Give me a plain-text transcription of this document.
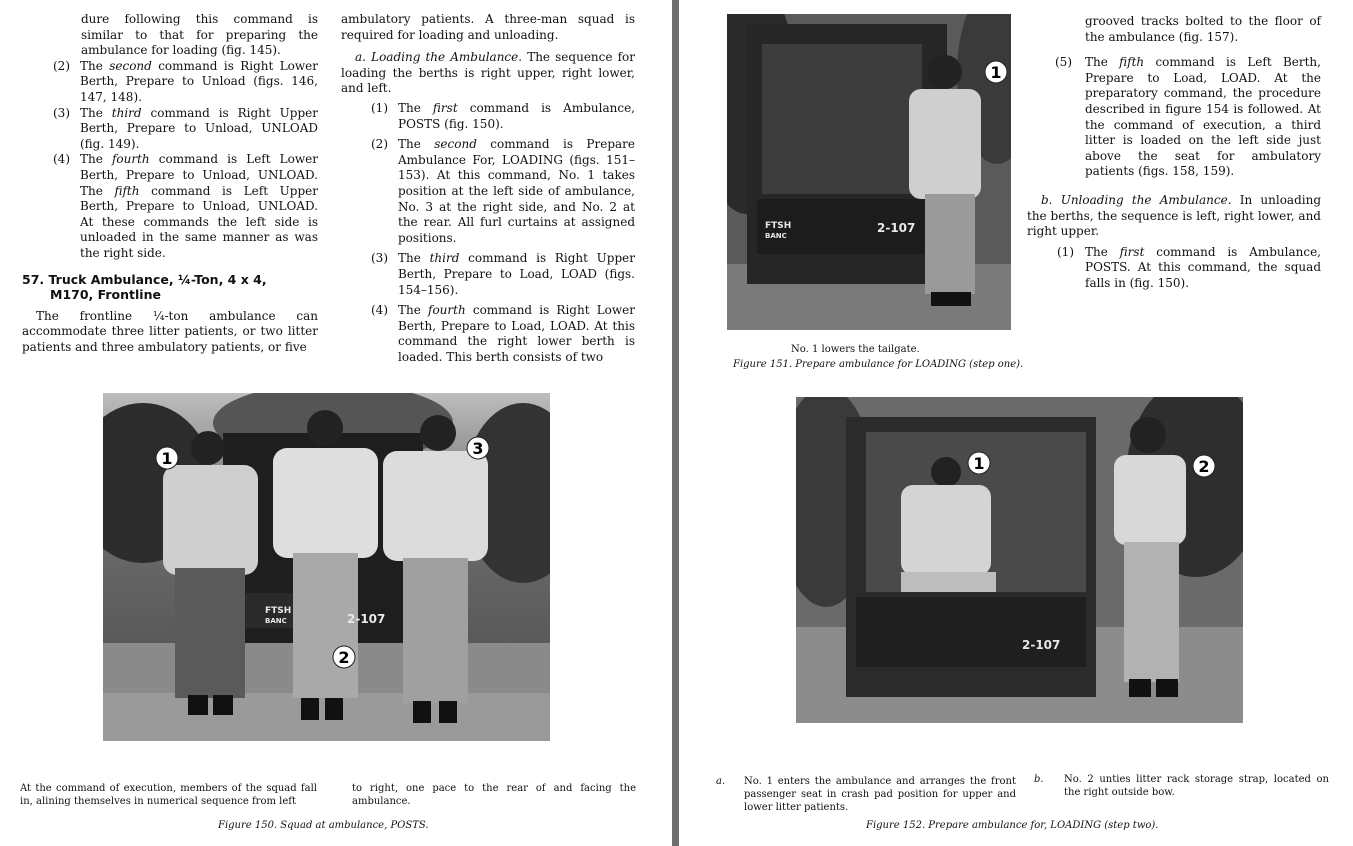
dure following this command is similar to that for preparing the ambulance for loading (fig. 145).

(2) The second command is Right Lower Berth, Prepare to Unload (figs. 146, 147, 148).
(3) The third command is Right Upper Berth, Prepare to Unload, UNLOAD (fig. 149).
(4) The fourth command is Left Lower Berth, Prepare to Unload, UNLOAD. The fifth command is Left Upper Berth, Prepare to Unload, UNLOAD. At these commands the left side is unloaded in the same manner as was the right side.
57. Truck Ambulance, ¼-Ton, 4 x 4,
M170, Frontline

The frontline ¼-ton ambulance can accommodate three litter patients, or two litter patients and three ambulatory patients, or five

ambulatory patients. A three-man squad is required for loading and unloading.

a. Loading the Ambulance. The sequence for loading the berths is right upper, right lower, and left.

(1) The first command is Ambulance, POSTS (fig. 150).
(2) The second command is Prepare Ambulance For, LOADING (figs. 151–153). At this command, No. 1 takes position at the left side of ambulance, No. 3 at the right side, and No. 2 at the rear. All furl curtains at assigned positions.
(3) The third command is Right Upper Berth, Prepare to Load, LOAD (figs. 154–156).
(4) The fourth command is Right Lower Berth, Prepare to Load, LOAD. At this command the right lower berth is loaded. This berth consists of two
FTSH
BANC	2-107
1
2
3
At the command of execution, members of the squad fall in, alining themselves in numerical sequence from left
to right, one pace to the rear of and facing the ambulance.
Figure 150. Squad at ambulance, POSTS.
FTSH
BANC
2-107
1
No. 1 lowers the tailgate.
Figure 151. Prepare ambulance for LOADING (step one).

grooved tracks bolted to the floor of the ambulance (fig. 157).

(5) The fifth command is Left Berth, Prepare to Load, LOAD. At the preparatory command, the procedure described in figure 154 is followed. At the command of execution, a third litter is loaded on the left side just above the seat for ambulatory patients (figs. 158, 159).

b. Unloading the Ambulance. In unloading the berths, the sequence is left, right lower, and right upper.

(1) The first command is Ambulance, POSTS. At this command, the squad falls in (fig. 150).
2-107
1	2
a. No. 1 enters the ambulance and arranges the front passenger seat in crash pad position for upper and lower litter patients.
b. No. 2 unties litter rack storage strap, located on the right outside bow.
Figure 152. Prepare ambulance for, LOADING (step two).
